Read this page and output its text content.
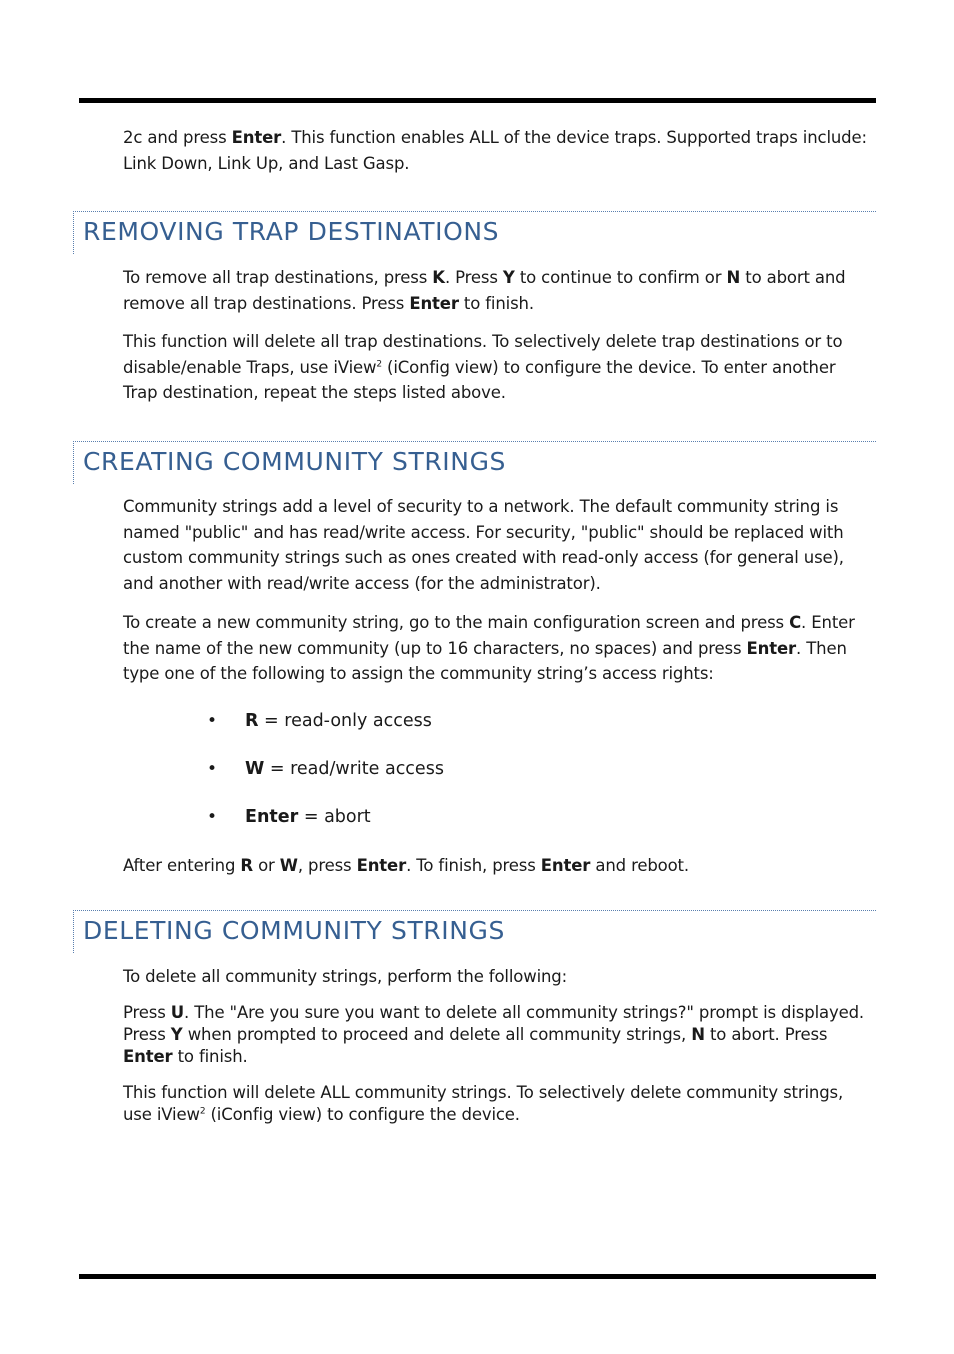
2c and press Enter. This function enables ALL of the device traps. Supported traps include: Link Down, Link Up, and Last Gasp.

REMOVING TRAP DESTINATIONS

To remove all trap destinations, press K. Press Y to continue to confirm or N to abort and remove all trap destinations. Press Enter to finish.

This function will delete all trap destinations. To selectively delete trap destinations or to disable/enable Traps, use iView$^2$ (iConfig view) to configure the device. To enter another Trap destination, repeat the steps listed above.

CREATING COMMUNITY STRINGS

Community strings add a level of security to a network. The default community string is named "public" and has read/write access. For security, "public" should be replaced with custom community strings such as ones created with read-only access (for general use), and another with read/write access (for the administrator).

To create a new community string, go to the main configuration screen and press C. Enter the name of the new community (up to 16 characters, no spaces) and press Enter. Then type one of the following to assign the community string’s access rights:

• R = read-only access
• W = read/write access
• Enter = abort

After entering R or W, press Enter. To finish, press Enter and reboot.

DELETING COMMUNITY STRINGS

To delete all community strings, perform the following:

Press U. The "Are you sure you want to delete all community strings?" prompt is displayed. Press Y when prompted to proceed and delete all community strings, N to abort. Press Enter to finish.

This function will delete ALL community strings. To selectively delete community strings, use iView$^2$ (iConfig view) to configure the device.
